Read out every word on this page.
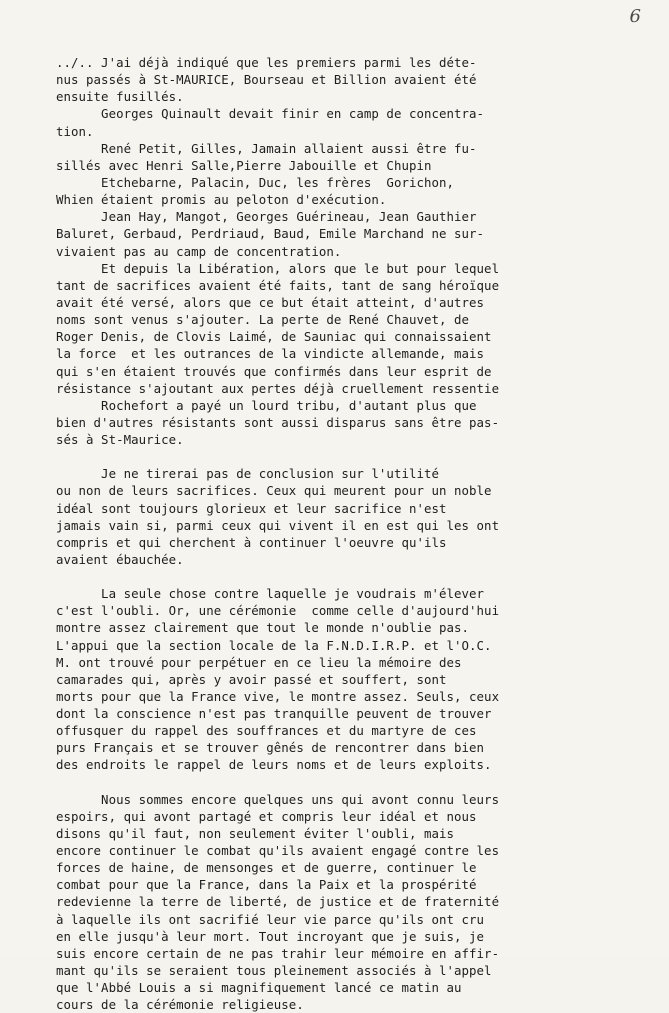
6
../.. J'ai déjà indiqué que les premiers parmi les déte-
nus passés à St-MAURICE, Bourseau et Billion avaient été
ensuite fusillés.
Georges Quinault devait finir en camp de concentra-
tion.
René Petit, Gilles, Jamain allaient aussi être fu-
sillés avec Henri Salle,Pierre Jabouille et Chupin
Etchebarne, Palacin, Duc, les frères  Gorichon,
Whien étaient promis au peloton d'exécution.
Jean Hay, Mangot, Georges Guérineau, Jean Gauthier
Baluret, Gerbaud, Perdriaud, Baud, Emile Marchand ne sur-
vivaient pas au camp de concentration.
Et depuis la Libération, alors que le but pour lequel
tant de sacrifices avaient été faits, tant de sang héroïque
avait été versé, alors que ce but était atteint, d'autres
noms sont venus s'ajouter. La perte de René Chauvet, de
Roger Denis, de Clovis Laimé, de Sauniac qui connaissaient
la force  et les outrances de la vindicte allemande, mais
qui s'en étaient trouvés que confirmés dans leur esprit de
résistance s'ajoutant aux pertes déjà cruellement ressentie
Rochefort a payé un lourd tribu, d'autant plus que
bien d'autres résistants sont aussi disparus sans être pas-
sés à St-Maurice.
Je ne tirerai pas de conclusion sur l'utilité
ou non de leurs sacrifices. Ceux qui meurent pour un noble
idéal sont toujours glorieux et leur sacrifice n'est
jamais vain si, parmi ceux qui vivent il en est qui les ont
compris et qui cherchent à continuer l'oeuvre qu'ils
avaient ébauchée.
La seule chose contre laquelle je voudrais m'élever
c'est l'oubli. Or, une cérémonie  comme celle d'aujourd'hui
montre assez clairement que tout le monde n'oublie pas.
L'appui que la section locale de la F.N.D.I.R.P. et l'O.C.
M. ont trouvé pour perpétuer en ce lieu la mémoire des
camarades qui, après y avoir passé et souffert, sont
morts pour que la France vive, le montre assez. Seuls, ceux
dont la conscience n'est pas tranquille peuvent de trouver
offusquer du rappel des souffrances et du martyre de ces
purs Français et se trouver gênés de rencontrer dans bien
des endroits le rappel de leurs noms et de leurs exploits.
Nous sommes encore quelques uns qui avont connu leurs
espoirs, qui avont partagé et compris leur idéal et nous
disons qu'il faut, non seulement éviter l'oubli, mais
encore continuer le combat qu'ils avaient engagé contre les
forces de haine, de mensonges et de guerre, continuer le
combat pour que la France, dans la Paix et la prospérité
redevienne la terre de liberté, de justice et de fraternité
à laquelle ils ont sacrifié leur vie parce qu'ils ont cru
en elle jusqu'à leur mort. Tout incroyant que je suis, je
suis encore certain de ne pas trahir leur mémoire en affir-
mant qu'ils se seraient tous pleinement associés à l'appel
que l'Abbé Louis a si magnifiquement lancé ce matin au
cours de la cérémonie religieuse.
